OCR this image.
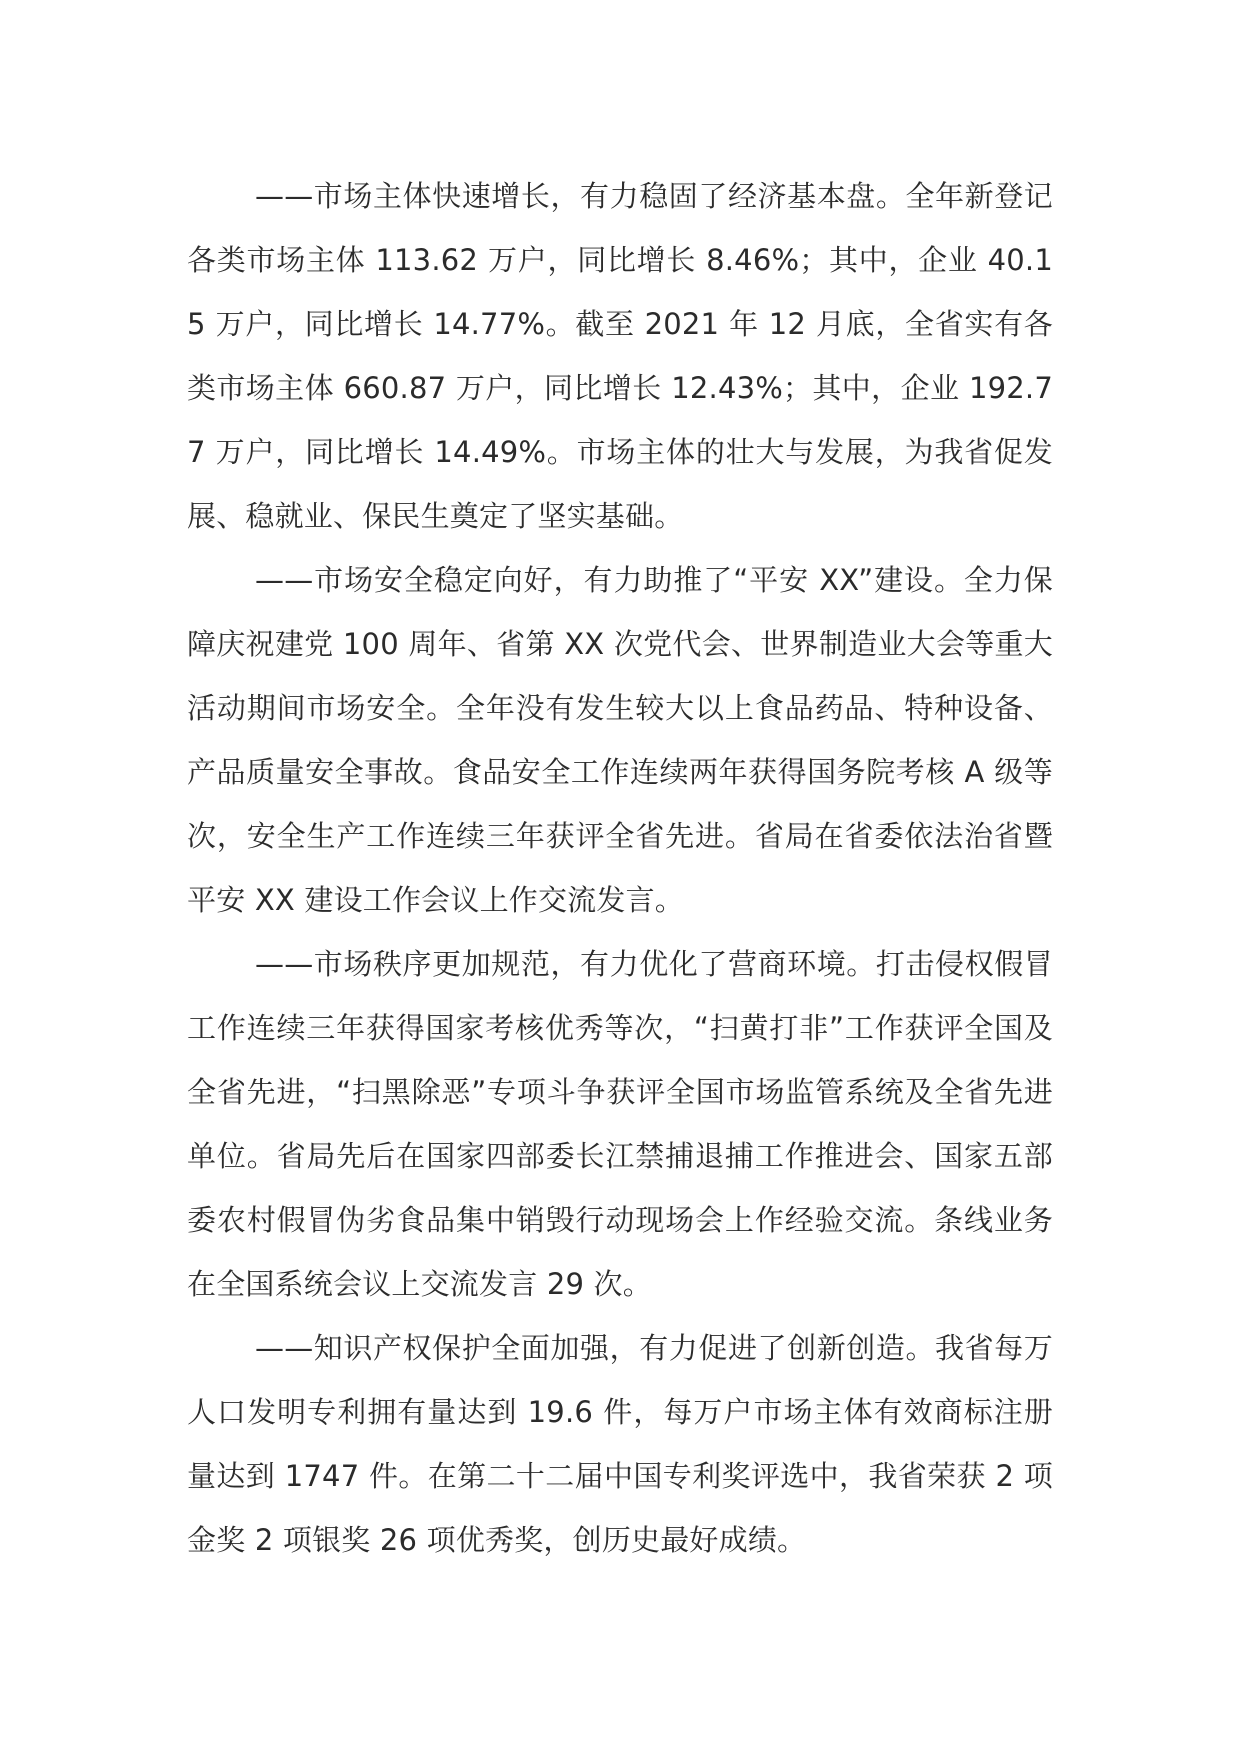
——市场主体快速增长，有力稳固了经济基本盘。全年新登记各类市场主体 113.62 万户，同比增长 8.46%；其中，企业 40.15 万户，同比增长 14.77%。截至 2021 年 12 月底，全省实有各类市场主体 660.87 万户，同比增长 12.43%；其中，企业 192.77 万户，同比增长 14.49%。市场主体的壮大与发展，为我省促发展、稳就业、保民生奠定了坚实基础。

——市场安全稳定向好，有力助推了“平安 XX”建设。全力保障庆祝建党 100 周年、省第 XX 次党代会、世界制造业大会等重大活动期间市场安全。全年没有发生较大以上食品药品、特种设备、产品质量安全事故。食品安全工作连续两年获得国务院考核 A 级等次，安全生产工作连续三年获评全省先进。省局在省委依法治省暨平安 XX 建设工作会议上作交流发言。

——市场秩序更加规范，有力优化了营商环境。打击侵权假冒工作连续三年获得国家考核优秀等次，“扫黄打非”工作获评全国及全省先进，“扫黑除恶”专项斗争获评全国市场监管系统及全省先进单位。省局先后在国家四部委长江禁捕退捕工作推进会、国家五部委农村假冒伪劣食品集中销毁行动现场会上作经验交流。条线业务在全国系统会议上交流发言 29 次。

——知识产权保护全面加强，有力促进了创新创造。我省每万人口发明专利拥有量达到 19.6 件，每万户市场主体有效商标注册量达到 1747 件。在第二十二届中国专利奖评选中，我省荣获 2 项金奖 2 项银奖 26 项优秀奖，创历史最好成绩。
